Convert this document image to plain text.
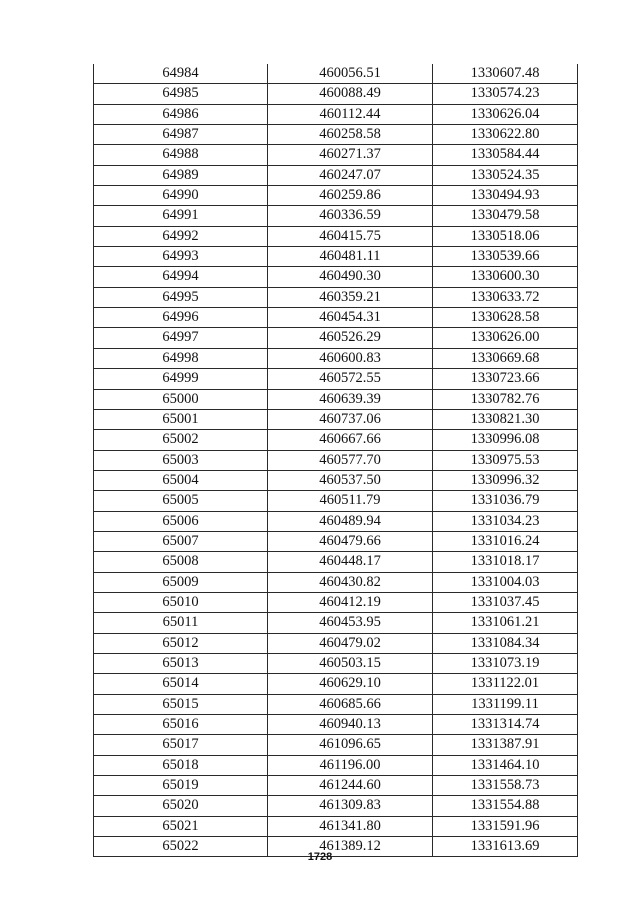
64984	460056.51	1330607.48
64985	460088.49	1330574.23
64986	460112.44	1330626.04
64987	460258.58	1330622.80
64988	460271.37	1330584.44
64989	460247.07	1330524.35
64990	460259.86	1330494.93
64991	460336.59	1330479.58
64992	460415.75	1330518.06
64993	460481.11	1330539.66
64994	460490.30	1330600.30
64995	460359.21	1330633.72
64996	460454.31	1330628.58
64997	460526.29	1330626.00
64998	460600.83	1330669.68
64999	460572.55	1330723.66
65000	460639.39	1330782.76
65001	460737.06	1330821.30
65002	460667.66	1330996.08
65003	460577.70	1330975.53
65004	460537.50	1330996.32
65005	460511.79	1331036.79
65006	460489.94	1331034.23
65007	460479.66	1331016.24
65008	460448.17	1331018.17
65009	460430.82	1331004.03
65010	460412.19	1331037.45
65011	460453.95	1331061.21
65012	460479.02	1331084.34
65013	460503.15	1331073.19
65014	460629.10	1331122.01
65015	460685.66	1331199.11
65016	460940.13	1331314.74
65017	461096.65	1331387.91
65018	461196.00	1331464.10
65019	461244.60	1331558.73
65020	461309.83	1331554.88
65021	461341.80	1331591.96
65022	461389.12	1331613.69
1728
